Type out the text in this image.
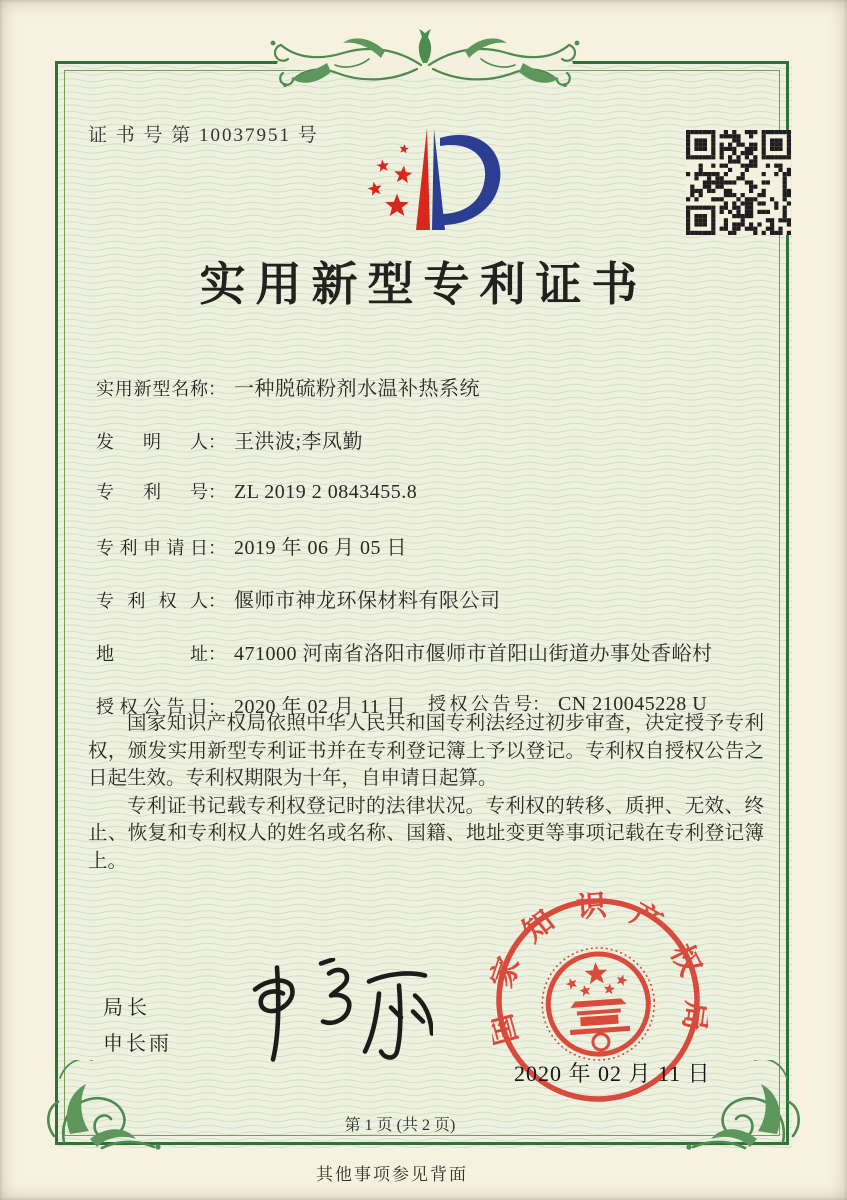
证 书 号 第 10037951 号
实用新型专利证书
实用新型名称： 一种脱硫粉剂水温补热系统
发明人： 王洪波;李凤勤
专利号： ZL 2019 2 0843455.8
专利申请日： 2019 年 06 月 05 日
专利权人： 偃师市神龙环保材料有限公司
地址： 471000 河南省洛阳市偃师市首阳山街道办事处香峪村
授权公告日： 2020 年 02 月 11 日 授权公告号： CN 210045228 U

国家知识产权局依照中华人民共和国专利法经过初步审查，决定授予专利权，颁发实用新型专利证书并在专利登记簿上予以登记。专利权自授权公告之日起生效。专利权期限为十年，自申请日起算。

专利证书记载专利权登记时的法律状况。专利权的转移、质押、无效、终止、恢复和专利权人的姓名或名称、国籍、地址变更等事项记载在专利登记簿上。

局长
申长雨	国家知识产权局
2020 年 02 月 11 日
第 1 页 (共 2 页)
其他事项参见背面
